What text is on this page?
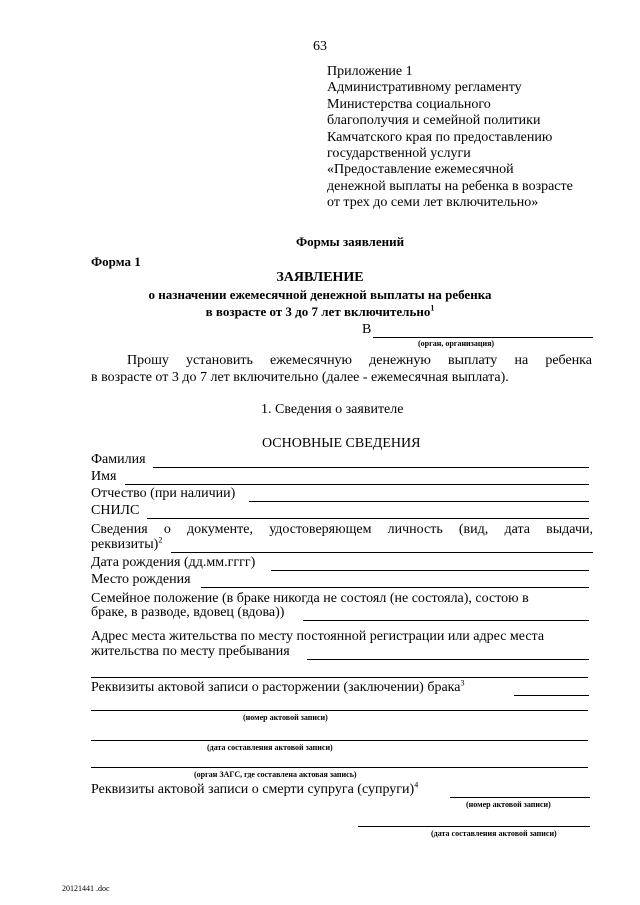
63
Приложение 1
Административному регламенту
Министерства социального
благополучия и семейной политики
Камчатского края по предоставлению
государственной услуги
«Предоставление ежемесячной
денежной выплаты на ребенка в возрасте
от трех до семи лет включительно»
Формы заявлений
Форма 1
ЗАЯВЛЕНИЕ
о назначении ежемесячной денежной выплаты на ребенка
в возрасте от 3 до 7 лет включительно$^1$
В
(орган, организация)
Прошу установить ежемесячную денежную выплату на ребенка
в возрасте от 3 до 7 лет включительно (далее - ежемесячная выплата).
1. Сведения о заявителе
ОСНОВНЫЕ СВЕДЕНИЯ
Фамилия
Имя
Отчество (при наличии)
СНИЛС
Сведения о документе, удостоверяющем личность (вид, дата выдачи,
реквизиты)$^2$
Дата рождения (дд.мм.гггг)
Место рождения
Семейное положение (в браке никогда не состоял (не состояла), состою в
браке, в разводе, вдовец (вдова))
Адрес места жительства по месту постоянной регистрации или адрес места
жительства по месту пребывания
Реквизиты актовой записи о расторжении (заключении) брака$^3$
(номер актовой записи)
(дата составления актовой записи)
(орган ЗАГС, где составлена актовая запись)
Реквизиты актовой записи о смерти супруга (супруги)$^4$
(номер актовой записи)
(дата составления актовой записи)
20121441 .doc
